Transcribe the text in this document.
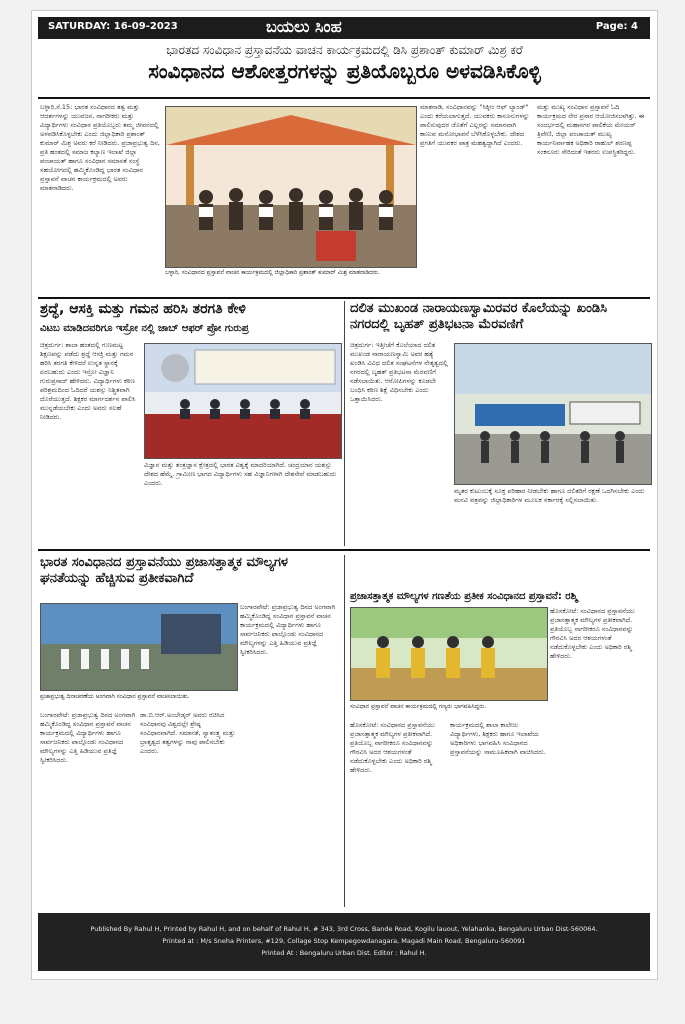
SATURDAY: 16-09-2023	ಬಯಲು ಸಿಂಹ	Page: 4
ಭಾರತದ ಸಂವಿಧಾನ ಪ್ರಸ್ತಾವನೆಯ ವಾಚನ ಕಾರ್ಯಕ್ರಮದಲ್ಲಿ ಡಿಸಿ ಪ್ರಶಾಂತ್ ಕುಮಾರ್ ಮಿಶ್ರ ಕರೆ
ಸಂವಿಧಾನದ ಆಶೋತ್ತರಗಳನ್ನು ಪ್ರತಿಯೊಬ್ಬರೂ ಅಳವಡಿಸಿಕೊಳ್ಳಿ

ಬಳ್ಳಾರಿ,ಸೆ.15: ಭಾರತ ಸಂವಿಧಾನದ ತತ್ವ ಮತ್ತು ಆದರ್ಶಗಳನ್ನು ಯುವಜನ, ನಾಗರೀಕರು ಮತ್ತು ವಿದ್ಯಾರ್ಥಿಗಳು ಸಂವಿಧಾನ ಪ್ರತಿಯೊಬ್ಬರು ತಮ್ಮ ಜೀವನದಲ್ಲಿ ಅಳವಡಿಸಿಕೊಳ್ಳಬೇಕು ಎಂದು ಜಿಲ್ಲಾಧಿಕಾರಿ ಪ್ರಶಾಂತ್ ಕುಮಾರ್ ಮಿಶ್ರ ಅವರು ಕರೆ ನೀಡಿದರು. ಪ್ರಜಾಪ್ರಭುತ್ವ ದಿನ, ಪ್ರತಿ ಹಂತದಲ್ಲಿ ಸಮಾಜ ಕಲ್ಯಾಣ ಇಲಾಖೆ ಜಿಲ್ಲಾ ಪಂಚಾಯತ್ ಹಾಗೂ ಸಂವಿಧಾನ ಸಮಾನತೆ ಸಂಸ್ಥೆ ಸಹಯೋಗದಲ್ಲಿ ಹಮ್ಮಿಕೊಂಡಿದ್ದ ಭಾರತ ಸಂವಿಧಾನ ಪ್ರಸ್ತಾವನೆ ವಾಚನ ಕಾರ್ಯಕ್ರಮದಲ್ಲಿ ಅವರು ಮಾತನಾಡಿದರು.

ಬಳ್ಳಾರಿ, ಸಂವಿಧಾನದ ಪ್ರಸ್ತಾವನೆ ವಾಚನ ಕಾರ್ಯಕ್ರಮದಲ್ಲಿ ಜಿಲ್ಲಾಧಿಕಾರಿ ಪ್ರಶಾಂತ್ ಕುಮಾರ್ ಮಿಶ್ರ ಮಾತನಾಡಿದರು.

ಮಾತನಾಡಿ, ಸಂವಿಧಾನವನ್ನು "ಸಿಕ್ಕೀಂ ಆಫ್ ಲ್ಯಾಂಡ್" ಎಂದು ಕರೆಯಲಾಗುತ್ತದೆ. ಯುವಕರು ಕಾನೂನುಗಳನ್ನು ಪಾಲಿಸುವುದರ ಜೊತೆಗೆ ಎಲ್ಲರನ್ನು ಸಮಾನವಾಗಿ ಕಾಣುವ ಮನೋಭಾವನೆ ಬೆಳೆಸಿಕೊಳ್ಳಬೇಕು. ದೇಶದ ಪ್ರಗತಿಗೆ ಯುವಕರ ಪಾತ್ರ ಮಹತ್ವದ್ದಾಗಿದೆ ಎಂದರು.

ಮತ್ತು ಮುಖ್ಯ ಸಂವಿಧಾನ ಪ್ರಸ್ತಾವನೆ ಓದಿ ಕಾರ್ಯಕ್ರಮದ ನೇರ ಪ್ರಸಾರ ಆಯೋಜಿಸಲಾಗಿತ್ತು. ಈ ಸಂದರ್ಭದಲ್ಲಿ ಮಹಾನಗರ ಪಾಲಿಕೆಯ ಮೇಯರ್ ತ್ರಿವೇಣಿ, ಜಿಲ್ಲಾ ಪಂಚಾಯತ್ ಮುಖ್ಯ ಕಾರ್ಯನಿರ್ವಾಹಕ ಅಧಿಕಾರಿ ರಾಹುಲ್ ಶರಣಪ್ಪ ಸಂಕನೂರು ಸೇರಿದಂತೆ ಇತರರು ಉಪಸ್ಥಿತರಿದ್ದರು.

ಶ್ರದ್ಧೆ, ಆಸಕ್ತಿ ಮತ್ತು ಗಮನ ಹರಿಸಿ ತರಗತಿ ಕೇಳಿ
ವಿಟಬ ಮಾಡಿದವರಿಗೂ ಇಸ್ರೋ ನಲ್ಲಿ ಜಾಬ್ ಆಫರ್ ಪ್ರೋ ಗುರುಪ್ರ

ಚಿತ್ರದುರ್ಗ: ಶಾಲಾ ಹಂತದಲ್ಲಿ ಗುಣಮಟ್ಟ ಶಿಕ್ಷಣವನ್ನು ಪಡೆದು ಶ್ರದ್ಧೆ ಆಸಕ್ತಿ ಮತ್ತು ಗಮನ ಹರಿಸಿ ತರಗತಿ ಕೇಳಿದರೆ ಉನ್ನತ ಸ್ಥಾನಕ್ಕೆ ಏರಬಹುದು ಎಂದು ಇಸ್ರೋ ವಿಜ್ಞಾನಿ ಗುರುಪ್ರಸಾದ್ ಹೇಳಿದರು. ವಿದ್ಯಾರ್ಥಿಗಳು ಕಠಿಣ ಪರಿಶ್ರಮದಿಂದ ಓದಿದರೆ ಯಶಸ್ಸು ನಿಶ್ಚಿತವಾಗಿ ದೊರೆಯುತ್ತದೆ. ಶಿಕ್ಷಕರ ಮಾರ್ಗದರ್ಶನ ಪಾಲಿಸಿ ಮುನ್ನಡೆಯಬೇಕು ಎಂದು ಅವರು ಸಲಹೆ ನೀಡಿದರು.

ವಿಜ್ಞಾನ ಮತ್ತು ತಂತ್ರಜ್ಞಾನ ಕ್ಷೇತ್ರದಲ್ಲಿ ಭಾರತ ವಿಶ್ವಕ್ಕೆ ಮಾದರಿಯಾಗಿದೆ. ಚಂದ್ರಯಾನ ಯಶಸ್ಸು ದೇಶದ ಹೆಮ್ಮೆ. ಗ್ರಾಮೀಣ ಭಾಗದ ವಿದ್ಯಾರ್ಥಿಗಳು ಸಹ ವಿಜ್ಞಾನಿಗಳಾಗಿ ದೇಶಸೇವೆ ಮಾಡಬಹುದು ಎಂದರು.

ದಲಿತ ಮುಖಂಡ ನಾರಾಯಣಸ್ವಾಮಿರವರ ಕೊಲೆಯನ್ನು ಖಂಡಿಸಿ ನಗರದಲ್ಲಿ ಬೃಹತ್ ಪ್ರತಿಭಟನಾ ಮೆರವಣಿಗೆ

ಚಿತ್ರದುರ್ಗ: ಇತ್ತೀಚೆಗೆ ಕೊಲೆಯಾದ ದಲಿತ ಮುಖಂಡ ನಾರಾಯಣಸ್ವಾಮಿ ಅವರ ಹತ್ಯೆ ಖಂಡಿಸಿ ವಿವಿಧ ದಲಿತ ಸಂಘಟನೆಗಳ ನೇತೃತ್ವದಲ್ಲಿ ನಗರದಲ್ಲಿ ಬೃಹತ್ ಪ್ರತಿಭಟನಾ ಮೆರವಣಿಗೆ ನಡೆಸಲಾಯಿತು. ಆರೋಪಿಗಳನ್ನು ಕೂಡಲೇ ಬಂಧಿಸಿ ಕಠಿಣ ಶಿಕ್ಷೆ ವಿಧಿಸಬೇಕು ಎಂದು ಒತ್ತಾಯಿಸಿದರು.

ಮೃತರ ಕುಟುಂಬಕ್ಕೆ ಸೂಕ್ತ ಪರಿಹಾರ ನೀಡಬೇಕು ಹಾಗೂ ದಲಿತರಿಗೆ ರಕ್ಷಣೆ ಒದಗಿಸಬೇಕು ಎಂದು ಮನವಿ ಪತ್ರವನ್ನು ಜಿಲ್ಲಾಧಿಕಾರಿಗಳ ಮೂಲಕ ಸರ್ಕಾರಕ್ಕೆ ಸಲ್ಲಿಸಲಾಯಿತು.

ಭಾರತ ಸಂವಿಧಾನದ ಪ್ರಸ್ತಾವನೆಯು ಪ್ರಜಾಸತ್ತಾತ್ಮಕ ಮೌಲ್ಯಗಳ ಘನತೆಯನ್ನು ಹೆಚ್ಚಿಸುವ ಪ್ರತೀಕವಾಗಿದೆ
ಪ್ರಜಾಪ್ರಭುತ್ವ ದಿನಾಚರಣೆಯ ಅಂಗವಾಗಿ ಸಂವಿಧಾನ ಪ್ರಸ್ತಾವನೆ ವಾಚಿಸಲಾಯಿತು.

ಬಂಗಾರಪೇಟೆ: ಪ್ರಜಾಪ್ರಭುತ್ವ ದಿನದ ಅಂಗವಾಗಿ ಹಮ್ಮಿಕೊಂಡಿದ್ದ ಸಂವಿಧಾನ ಪ್ರಸ್ತಾವನೆ ವಾಚನ ಕಾರ್ಯಕ್ರಮದಲ್ಲಿ ವಿದ್ಯಾರ್ಥಿಗಳು ಹಾಗೂ ಸಾರ್ವಜನಿಕರು ಪಾಲ್ಗೊಂಡು ಸಂವಿಧಾನದ ಮೌಲ್ಯಗಳನ್ನು ಎತ್ತಿ ಹಿಡಿಯುವ ಪ್ರತಿಜ್ಞೆ ಸ್ವೀಕರಿಸಿದರು.

ಡಾ.ಬಿ.ಆರ್.ಅಂಬೇಡ್ಕರ್ ಅವರು ರಚಿಸಿದ ಸಂವಿಧಾನವು ವಿಶ್ವದಲ್ಲೇ ಶ್ರೇಷ್ಠ ಸಂವಿಧಾನವಾಗಿದೆ. ಸಮಾನತೆ, ಸ್ವಾತಂತ್ರ್ಯ ಮತ್ತು ಭ್ರಾತೃತ್ವದ ತತ್ವಗಳನ್ನು ನಾವು ಪಾಲಿಸಬೇಕು ಎಂದರು.

ಬಂಗಾರಪೇಟೆ: ಪ್ರಜಾಪ್ರಭುತ್ವ ದಿನದ ಅಂಗವಾಗಿ ಹಮ್ಮಿಕೊಂಡಿದ್ದ ಸಂವಿಧಾನ ಪ್ರಸ್ತಾವನೆ ವಾಚನ ಕಾರ್ಯಕ್ರಮದಲ್ಲಿ ವಿದ್ಯಾರ್ಥಿಗಳು ಹಾಗೂ ಸಾರ್ವಜನಿಕರು ಪಾಲ್ಗೊಂಡು ಸಂವಿಧಾನದ ಮೌಲ್ಯಗಳನ್ನು ಎತ್ತಿ ಹಿಡಿಯುವ ಪ್ರತಿಜ್ಞೆ ಸ್ವೀಕರಿಸಿದರು.

ಪ್ರಜಾಸತ್ತಾತ್ಮಕ ಮೌಲ್ಯಗಳ ಗಣತೆಯ ಪ್ರತೀಕ ಸಂವಿಧಾನದ ಪ್ರಸ್ತಾವನೆ: ರಶ್ಮಿ
ಸಂವಿಧಾನ ಪ್ರಸ್ತಾವನೆ ವಾಚನ ಕಾರ್ಯಕ್ರಮದಲ್ಲಿ ಗಣ್ಯರು ಭಾಗವಹಿಸಿದ್ದರು.

ಹೊಸಕೋಟೆ: ಸಂವಿಧಾನದ ಪ್ರಸ್ತಾವನೆಯು ಪ್ರಜಾಸತ್ತಾತ್ಮಕ ಮೌಲ್ಯಗಳ ಪ್ರತೀಕವಾಗಿದೆ. ಪ್ರತಿಯೊಬ್ಬ ನಾಗರೀಕರೂ ಸಂವಿಧಾನವನ್ನು ಗೌರವಿಸಿ ಅದರ ಆಶಯಗಳಂತೆ ನಡೆದುಕೊಳ್ಳಬೇಕು ಎಂದು ಅಧಿಕಾರಿ ರಶ್ಮಿ ಹೇಳಿದರು.

ಕಾರ್ಯಕ್ರಮದಲ್ಲಿ ಶಾಲಾ ಕಾಲೇಜು ವಿದ್ಯಾರ್ಥಿಗಳು, ಶಿಕ್ಷಕರು ಹಾಗೂ ಇಲಾಖೆಯ ಅಧಿಕಾರಿಗಳು ಭಾಗವಹಿಸಿ ಸಂವಿಧಾನದ ಪ್ರಸ್ತಾವನೆಯನ್ನು ಸಾಮೂಹಿಕವಾಗಿ ವಾಚಿಸಿದರು.

ಹೊಸಕೋಟೆ: ಸಂವಿಧಾನದ ಪ್ರಸ್ತಾವನೆಯು ಪ್ರಜಾಸತ್ತಾತ್ಮಕ ಮೌಲ್ಯಗಳ ಪ್ರತೀಕವಾಗಿದೆ. ಪ್ರತಿಯೊಬ್ಬ ನಾಗರೀಕರೂ ಸಂವಿಧಾನವನ್ನು ಗೌರವಿಸಿ ಅದರ ಆಶಯಗಳಂತೆ ನಡೆದುಕೊಳ್ಳಬೇಕು ಎಂದು ಅಧಿಕಾರಿ ರಶ್ಮಿ ಹೇಳಿದರು.

Published By Rahul H, Printed by Rahul H, and on behalf of Rahul H, # 343, 3rd Cross, Bande Road, Kogilu lauout, Yelahanka, Bengaluru Urban Dist-560064.
Printed at : M/s Sneha Printers, #129, Collage Stop Kempegowdanagara, Magadi Main Road, Bengaluru-560091
Printed At : Bengaluru Urban Dist. Editor : Rahul H.
